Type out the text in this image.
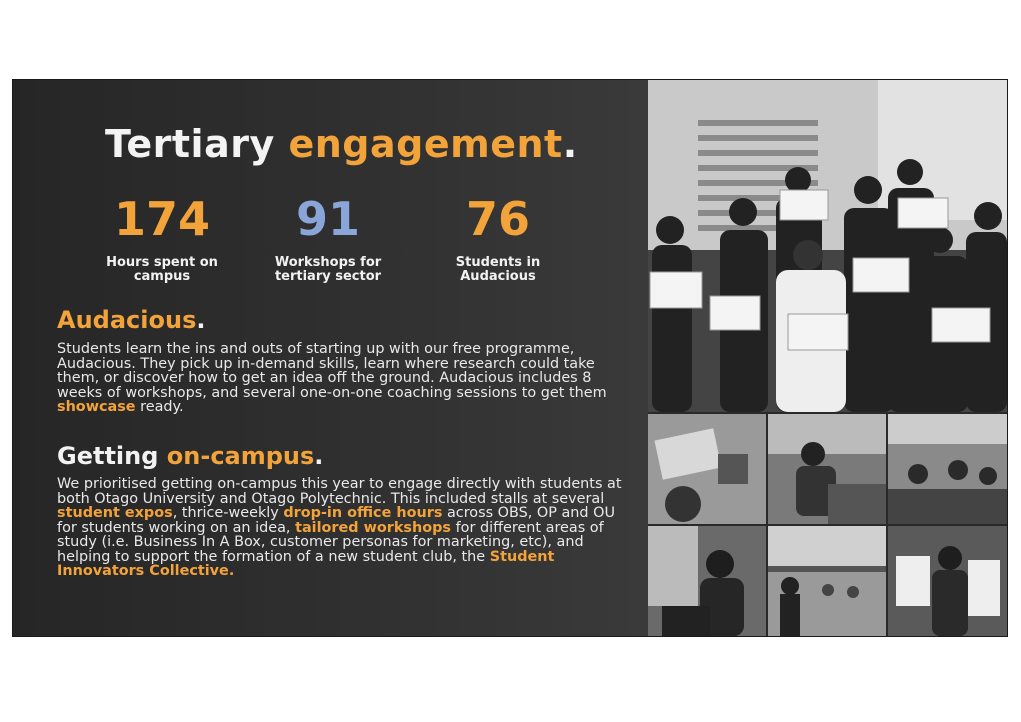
Tertiary engagement.
174
Hours spent on
campus
91
Workshops for
tertiary sector
76
Students in
Audacious
Audacious.
Students learn the ins and outs of starting up with our free programme, Audacious. They pick up in-demand skills, learn where research could take them, or discover how to get an idea off the ground. Audacious includes 8 weeks of workshops, and several one-on-one coaching sessions to get them showcase ready.
Getting on-campus.
We prioritised getting on-campus this year to engage directly with students at both Otago University and Otago Polytechnic. This included stalls at several student expos, thrice-weekly drop-in office hours across OBS, OP and OU for students working on an idea, tailored workshops for different areas of study (i.e. Business In A Box, customer personas for marketing, etc), and helping to support the formation of a new student club, the Student Innovators Collective.
